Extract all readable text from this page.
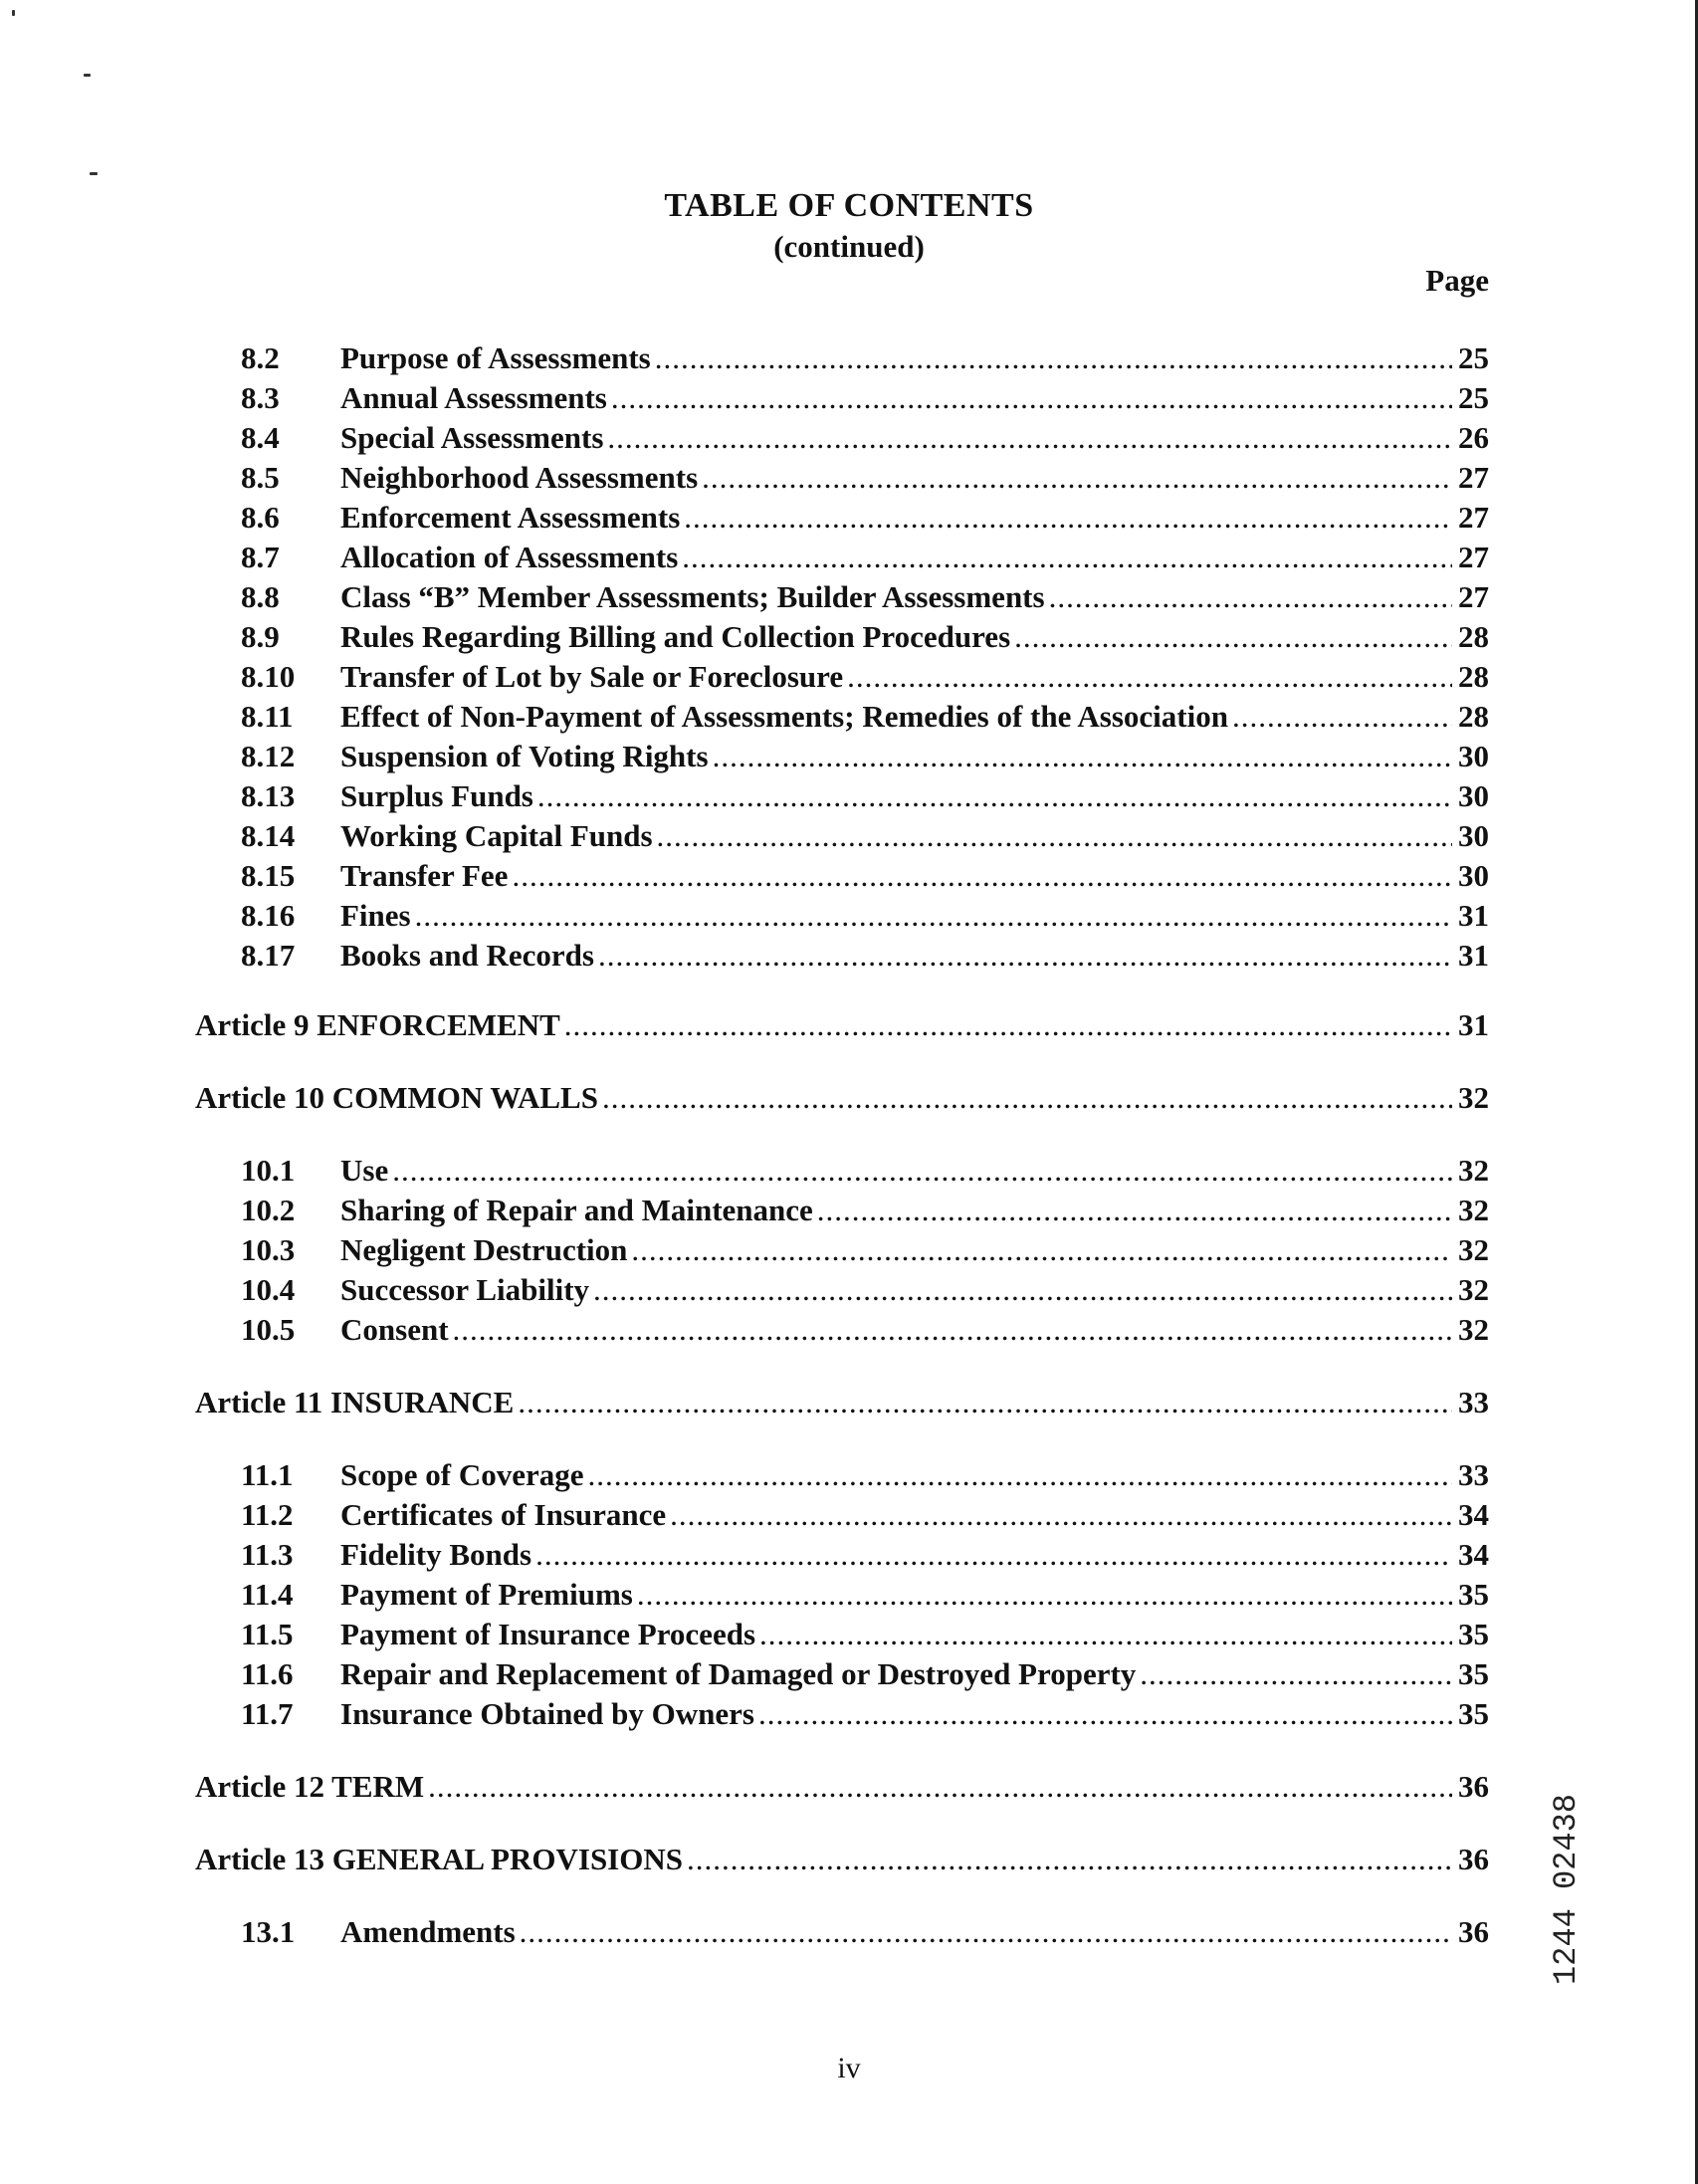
TABLE OF CONTENTS
(continued)
Page
8.2	Purpose of Assessments .....	25
8.3	Annual Assessments .....	25
8.4	Special Assessments .....	26
8.5	Neighborhood Assessments .....	27
8.6	Enforcement Assessments .....	27
8.7	Allocation of Assessments .....	27
8.8	Class “B” Member Assessments; Builder Assessments .....	27
8.9	Rules Regarding Billing and Collection Procedures .....	28
8.10	Transfer of Lot by Sale or Foreclosure .....	28
8.11	Effect of Non-Payment of Assessments; Remedies of the Association .....	28
8.12	Suspension of Voting Rights .....	30
8.13	Surplus Funds .....	30
8.14	Working Capital Funds .....	30
8.15	Transfer Fee .....	30
8.16	Fines .....	31
8.17	Books and Records .....	31
Article 9 ENFORCEMENT .....	31
Article 10 COMMON WALLS .....	32
10.1	Use .....	32
10.2	Sharing of Repair and Maintenance .....	32
10.3	Negligent Destruction .....	32
10.4	Successor Liability .....	32
10.5	Consent .....	32
Article 11 INSURANCE .....	33
11.1	Scope of Coverage .....	33
11.2	Certificates of Insurance .....	34
11.3	Fidelity Bonds .....	34
11.4	Payment of Premiums .....	35
11.5	Payment of Insurance Proceeds .....	35
11.6	Repair and Replacement of Damaged or Destroyed Property .....	35
11.7	Insurance Obtained by Owners .....	35
Article 12 TERM .....	36
Article 13 GENERAL PROVISIONS .....	36
13.1	Amendments .....	36
iv
1244 02438
